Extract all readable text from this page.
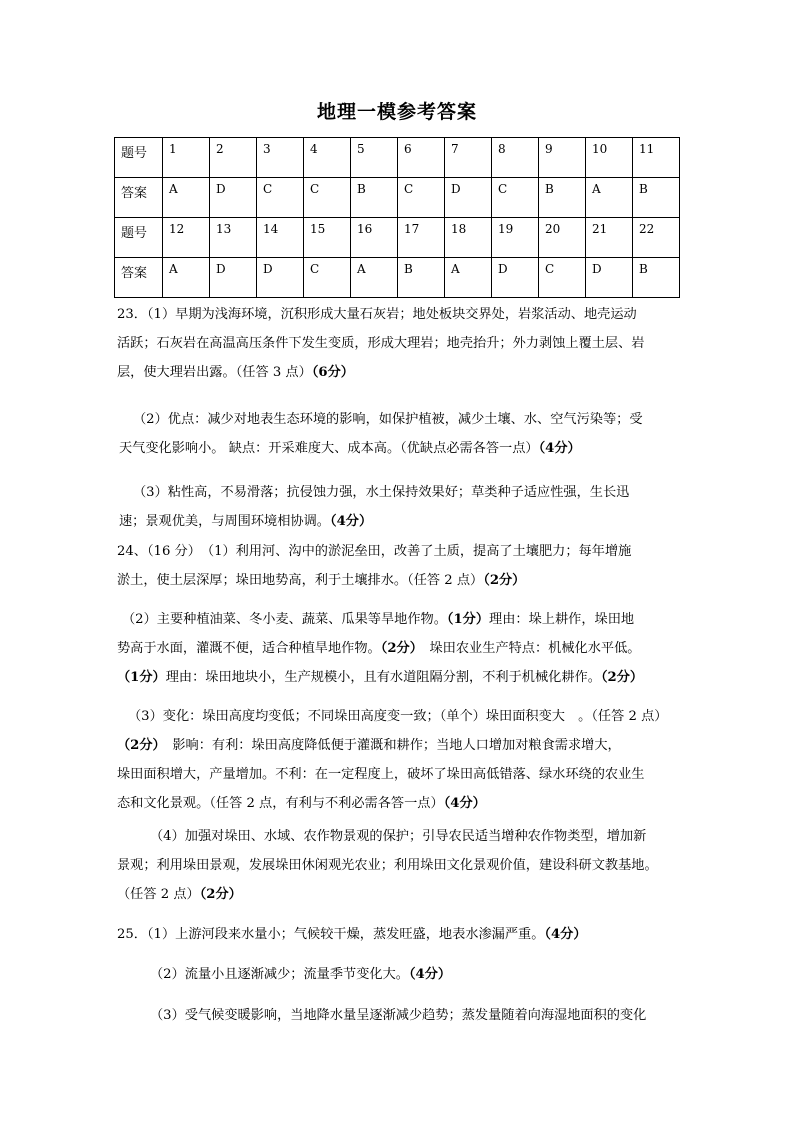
地理一模参考答案
题号	1	2	3	4	5	6	7	8	9	10	11
答案	A	D	C	C	B	C	D	C	B	A	B
题号	12	13	14	15	16	17	18	19	20	21	22
答案	A	D	D	C	A	B	A	D	C	D	B

23．（1）早期为浅海环境，沉积形成大量石灰岩；地处板块交界处，岩浆活动、地壳运动

活跃；石灰岩在高温高压条件下发生变质，形成大理岩；地壳抬升；外力剥蚀上覆土层、岩

层，使大理岩出露。（任答 3 点）（6分）

（2）优点：减少对地表生态环境的影响，如保护植被，减少土壤、水、空气污染等；受

天气变化影响小。 缺点：开采难度大、成本高。（优缺点必需各答一点）（4分）

（3）粘性高，不易滑落；抗侵蚀力强，水土保持效果好；草类种子适应性强，生长迅

速；景观优美，与周围环境相协调。（4分）

24、（16 分）　（1）利用河、沟中的淤泥垒田，改善了土质，提高了土壤肥力；每年增施

淤土，使土层深厚；垛田地势高，利于土壤排水。（任答 2 点）（2分）

（2）主要种植油菜、冬小麦、蔬菜、瓜果等旱地作物。（1分）理由：垛上耕作，垛田地

势高于水面，灌溉不便，适合种植旱地作物。（2分）　垛田农业生产特点：机械化水平低。

（1分）理由：垛田地块小，生产规模小，且有水道阻隔分割，不利于机械化耕作。（2分）

（3）变化：垛田高度均变低；不同垛田高度变一致；（单个）垛田面积变大　。（任答 2 点）

（2分）　影响：有利：垛田高度降低便于灌溉和耕作；当地人口增加对粮食需求增大，

垛田面积增大，产量增加。不利：在一定程度上，破坏了垛田高低错落、绿水环绕的农业生

态和文化景观。（任答 2 点，有利与不利必需各答一点）（4分）

（4）加强对垛田、水域、农作物景观的保护；引导农民适当增种农作物类型，增加新

景观；利用垛田景观，发展垛田休闲观光农业；利用垛田文化景观价值，建设科研文教基地。

（任答 2 点）（2分）

25．（1）上游河段来水量小；气候较干燥，蒸发旺盛，地表水渗漏严重。（4分）

（2）流量小且逐渐减少；流量季节变化大。（4分）

（3）受气候变暖影响，当地降水量呈逐渐减少趋势；蒸发量随着向海湿地面积的变化
